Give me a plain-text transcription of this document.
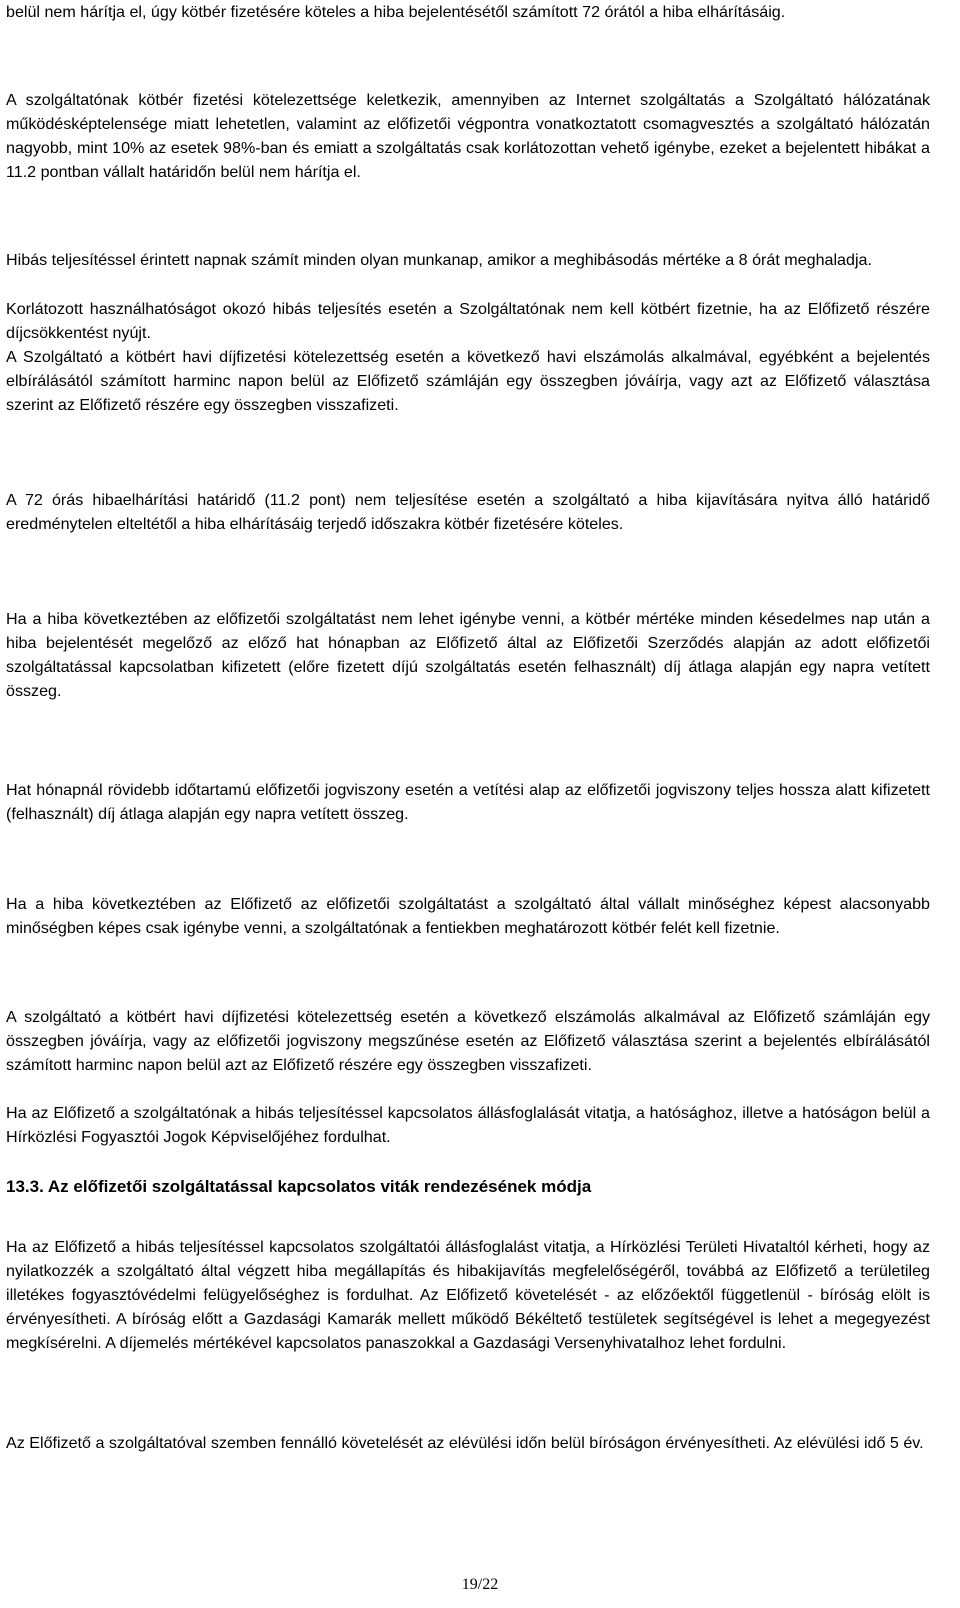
belül nem hárítja el, úgy kötbér fizetésére köteles a hiba bejelentésétől számított 72 órától a hiba elhárításáig.

A szolgáltatónak kötbér fizetési kötelezettsége keletkezik, amennyiben az Internet szolgáltatás a Szolgáltató hálózatának működésképtelensége miatt lehetetlen, valamint az előfizetői végpontra vonatkoztatott csomagvesztés a szolgáltató hálózatán nagyobb, mint 10% az esetek 98%-ban és emiatt a szolgáltatás csak korlátozottan vehető igénybe, ezeket a bejelentett hibákat a 11.2 pontban vállalt határidőn belül nem hárítja el.

Hibás teljesítéssel érintett napnak számít minden olyan munkanap, amikor a meghibásodás mértéke a 8 órát meghaladja.

Korlátozott használhatóságot okozó hibás teljesítés esetén a Szolgáltatónak nem kell kötbért fizetnie, ha az Előfizető részére díjcsökkentést nyújt.

A Szolgáltató a kötbért havi díjfizetési kötelezettség esetén a következő havi elszámolás alkalmával, egyébként a bejelentés elbírálásától számított harminc napon belül az Előfizető számláján egy összegben jóváírja, vagy azt az Előfizető választása szerint az Előfizető részére egy összegben visszafizeti.

A 72 órás hibaelhárítási határidő (11.2 pont) nem teljesítése esetén a szolgáltató a hiba kijavítására nyitva álló határidő eredménytelen elteltétől a hiba elhárításáig terjedő időszakra kötbér fizetésére köteles.

Ha a hiba következtében az előfizetői szolgáltatást nem lehet igénybe venni, a kötbér mértéke minden késedelmes nap után a hiba bejelentését megelőző az előző hat hónapban az Előfizető által az Előfizetői Szerződés alapján az adott előfizetői szolgáltatással kapcsolatban kifizetett (előre fizetett díjú szolgáltatás esetén felhasznált) díj átlaga alapján egy napra vetített összeg.

Hat hónapnál rövidebb időtartamú előfizetői jogviszony esetén a vetítési alap az előfizetői jogviszony teljes hossza alatt kifizetett (felhasznált) díj átlaga alapján egy napra vetített összeg.

Ha a hiba következtében az Előfizető az előfizetői szolgáltatást a szolgáltató által vállalt minőséghez képest alacsonyabb minőségben képes csak igénybe venni, a szolgáltatónak a fentiekben meghatározott kötbér felét kell fizetnie.

A szolgáltató a kötbért havi díjfizetési kötelezettség esetén a következő elszámolás alkalmával az Előfizető számláján egy összegben jóváírja, vagy az előfizetői jogviszony megszűnése esetén az Előfizető választása szerint a bejelentés elbírálásától számított harminc napon belül azt az Előfizető részére egy összegben visszafizeti.

Ha az Előfizető a szolgáltatónak a hibás teljesítéssel kapcsolatos állásfoglalását vitatja, a hatósághoz, illetve a hatóságon belül a Hírközlési Fogyasztói Jogok Képviselőjéhez fordulhat.

13.3. Az előfizetői szolgáltatással kapcsolatos viták rendezésének módja

Ha az Előfizető a hibás teljesítéssel kapcsolatos szolgáltatói állásfoglalást vitatja, a Hírközlési Területi Hivataltól kérheti, hogy az nyilatkozzék a szolgáltató által végzett hiba megállapítás és hibakijavítás megfelelőségéről, továbbá az Előfizető a területileg illetékes fogyasztóvédelmi felügyelőséghez is fordulhat. Az Előfizető követelését - az előzőektől függetlenül - bíróság elölt is érvényesítheti. A bíróság előtt a Gazdasági Kamarák mellett működő Békéltető testületek segítségével is lehet a megegyezést megkísérelni. A díjemelés mértékével kapcsolatos panaszokkal a Gazdasági Versenyhivatalhoz lehet fordulni.

Az Előfizető a szolgáltatóval szemben fennálló követelését az elévülési időn belül bíróságon érvényesítheti. Az elévülési idő 5 év.

19/22
